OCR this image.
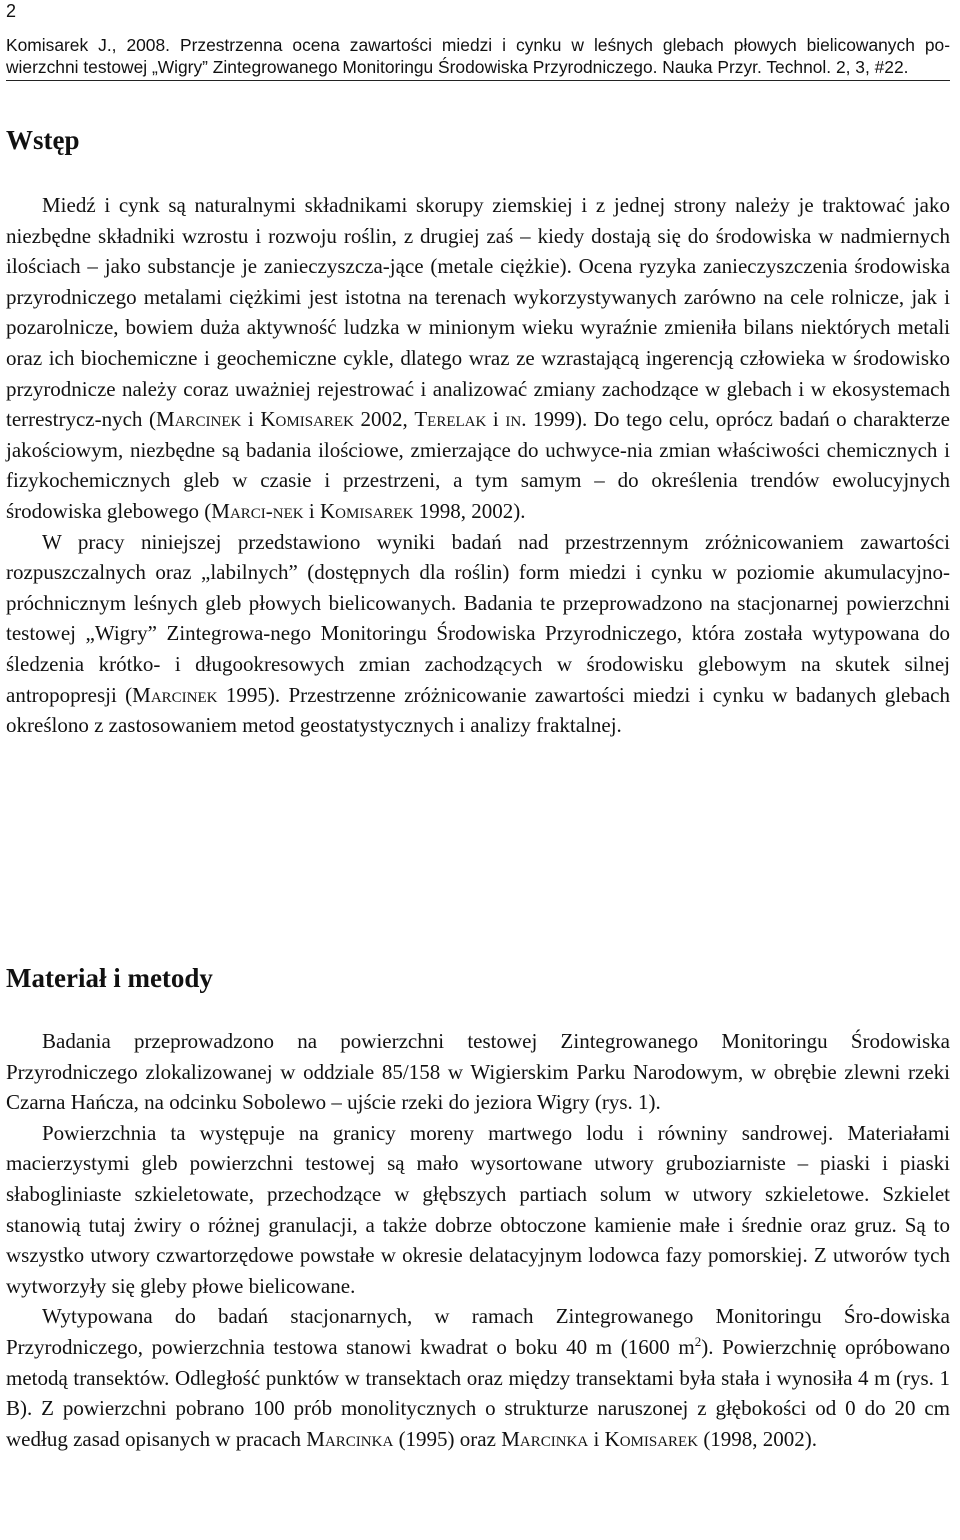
2
Komisarek J., 2008. Przestrzenna ocena zawartości miedzi i cynku w leśnych glebach płowych bielicowanych po-wierzchni testowej „Wigry” Zintegrowanego Monitoringu Środowiska Przyrodniczego. Nauka Przyr. Technol. 2, 3, #22.
Wstęp

Miedź i cynk są naturalnymi składnikami skorupy ziemskiej i z jednej strony należy je traktować jako niezbędne składniki wzrostu i rozwoju roślin, z drugiej zaś – kiedy dostają się do środowiska w nadmiernych ilościach – jako substancje je zanieczyszcza-jące (metale ciężkie). Ocena ryzyka zanieczyszczenia środowiska przyrodniczego metalami ciężkimi jest istotna na terenach wykorzystywanych zarówno na cele rolnicze, jak i pozarolnicze, bowiem duża aktywność ludzka w minionym wieku wyraźnie zmieniła bilans niektórych metali oraz ich biochemiczne i geochemiczne cykle, dlatego wraz ze wzrastającą ingerencją człowieka w środowisko przyrodnicze należy coraz uważniej rejestrować i analizować zmiany zachodzące w glebach i w ekosystemach terrestrycz-nych (Marcinek i Komisarek 2002, Terelak i in. 1999). Do tego celu, oprócz badań o charakterze jakościowym, niezbędne są badania ilościowe, zmierzające do uchwyce-nia zmian właściwości chemicznych i fizykochemicznych gleb w czasie i przestrzeni, a tym samym – do określenia trendów ewolucyjnych środowiska glebowego (Marci-nek i Komisarek 1998, 2002).

W pracy niniejszej przedstawiono wyniki badań nad przestrzennym zróżnicowaniem zawartości rozpuszczalnych oraz „labilnych” (dostępnych dla roślin) form miedzi i cynku w poziomie akumulacyjno-próchnicznym leśnych gleb płowych bielicowanych. Badania te przeprowadzono na stacjonarnej powierzchni testowej „Wigry” Zintegrowa-nego Monitoringu Środowiska Przyrodniczego, która została wytypowana do śledzenia krótko- i długookresowych zmian zachodzących w środowisku glebowym na skutek silnej antropopresji (Marcinek 1995). Przestrzenne zróżnicowanie zawartości miedzi i cynku w badanych glebach określono z zastosowaniem metod geostatystycznych i analizy fraktalnej.

Materiał i metody

Badania przeprowadzono na powierzchni testowej Zintegrowanego Monitoringu Środowiska Przyrodniczego zlokalizowanej w oddziale 85/158 w Wigierskim Parku Narodowym, w obrębie zlewni rzeki Czarna Hańcza, na odcinku Sobolewo – ujście rzeki do jeziora Wigry (rys. 1).

Powierzchnia ta występuje na granicy moreny martwego lodu i równiny sandrowej. Materiałami macierzystymi gleb powierzchni testowej są mało wysortowane utwory gruboziarniste – piaski i piaski słabogliniaste szkieletowate, przechodzące w głębszych partiach solum w utwory szkieletowe. Szkielet stanowią tutaj żwiry o różnej granulacji, a także dobrze obtoczone kamienie małe i średnie oraz gruz. Są to wszystko utwory czwartorzędowe powstałe w okresie delatacyjnym lodowca fazy pomorskiej. Z utworów tych wytworzyły się gleby płowe bielicowane.

Wytypowana do badań stacjonarnych, w ramach Zintegrowanego Monitoringu Śro-dowiska Przyrodniczego, powierzchnia testowa stanowi kwadrat o boku 40 m (1600 $m^2$). Powierzchnię opróbowano metodą transektów. Odległość punktów w transektach oraz między transektami była stała i wynosiła 4 m (rys. 1 B). Z powierzchni pobrano 100 prób monolitycznych o strukturze naruszonej z głębokości od 0 do 20 cm według zasad opisanych w pracach Marcinka (1995) oraz Marcinka i Komisarek (1998, 2002).
